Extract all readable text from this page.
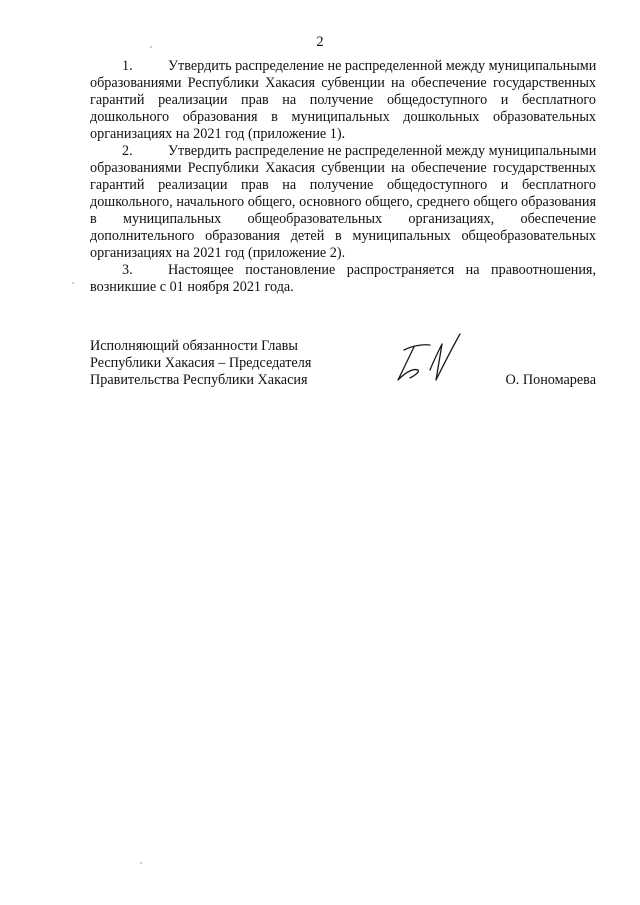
2
1.	Утвердить распределение не распределенной между муниципальными
образованиями Республики Хакасия субвенции на обеспечение государственных
гарантий реализации прав на получение общедоступного и бесплатного
дошкольного образования в муниципальных дошкольных образовательных
организациях на 2021 год (приложение 1).
2.	Утвердить распределение не распределенной между муниципальными
образованиями Республики Хакасия субвенции на обеспечение государственных
гарантий реализации прав на получение общедоступного и бесплатного
дошкольного, начального общего, основного общего, среднего общего образования
в муниципальных общеобразовательных организациях, обеспечение
дополнительного образования детей в муниципальных общеобразовательных
организациях на 2021 год (приложение 2).
3.	Настоящее постановление распространяется на правоотношения,
возникшие с 01 ноября 2021 года.
Исполняющий обязанности Главы
Республики Хакасия – Председателя
Правительства Республики Хакасия	О. Пономарева
